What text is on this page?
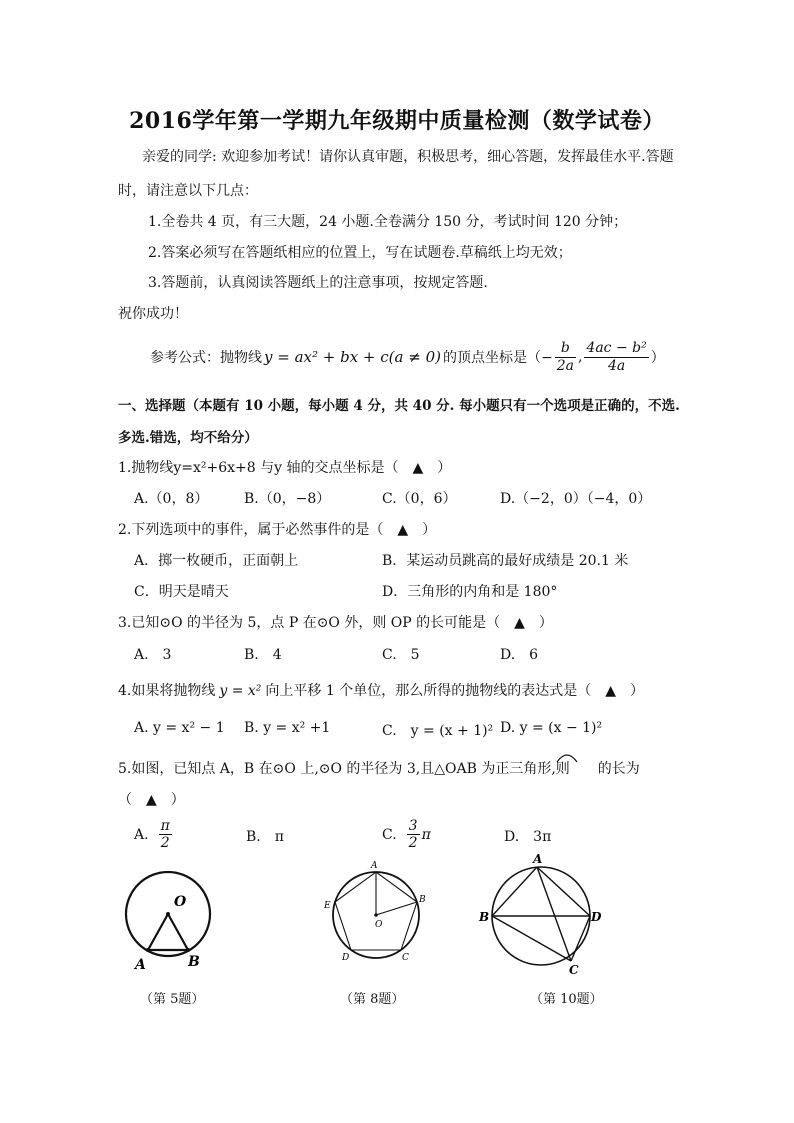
2016学年第一学期九年级期中质量检测（数学试卷）
亲爱的同学: 欢迎参加考试！请你认真审题，积极思考，细心答题，发挥最佳水平.答题
时，请注意以下几点：
1.全卷共 4 页，有三大题，24 小题.全卷满分 150 分，考试时间 120 分钟；
2.答案必须写在答题纸相应的位置上，写在试题卷.草稿纸上均无效；
3.答题前，认真阅读答题纸上的注意事项，按规定答题.
祝你成功！
参考公式：抛物线 y = ax² + bx + c(a ≠ 0) 的顶点坐标是（− $\frac{b}{2a}$ , $\frac{\text{4ac − b²}}{4a}$ ）
一、选择题（本题有 10 小题，每小题 4 分，共 40 分. 每小题只有一个选项是正确的，不选.
多选.错选，均不给分）
1.抛物线y=x²+6x+8 与y 轴的交点坐标是（　▲　）
A.（0，8）	B.（0，−8）	C.（0，6）	D.（−2，0）（−4，0）
2.下列选项中的事件，属于必然事件的是（　▲　）
A．掷一枚硬币，正面朝上	B．某运动员跳高的最好成绩是 20.1 米
C．明天是晴天	D．三角形的内角和是 180°
3.已知⊙O 的半径为 5，点 P 在⊙O 外，则 OP 的长可能是（　▲　）
A.　3	B.　4	C.　5	D.　6
4.如果将抛物线 y = x² 向上平移 1 个单位，那么所得的抛物线的表达式是（　▲　）
A. y = x² − 1 B. y = x² +1	C.　y = (x + 1)² D. y = (x − 1)²
5.如图，已知点 A，B 在⊙O 上,⊙O 的半径为 3,且△OAB 为正三角形,则　　的长为
（　▲　）
A. $\frac{\pi}{2}$	B.　π	C. $\frac{3}{2}$ π	D.　3π
O
A	B
（第 5题）
A
B
C
D
E
O
（第 8题）
A
B
C
D
（第 10题）
